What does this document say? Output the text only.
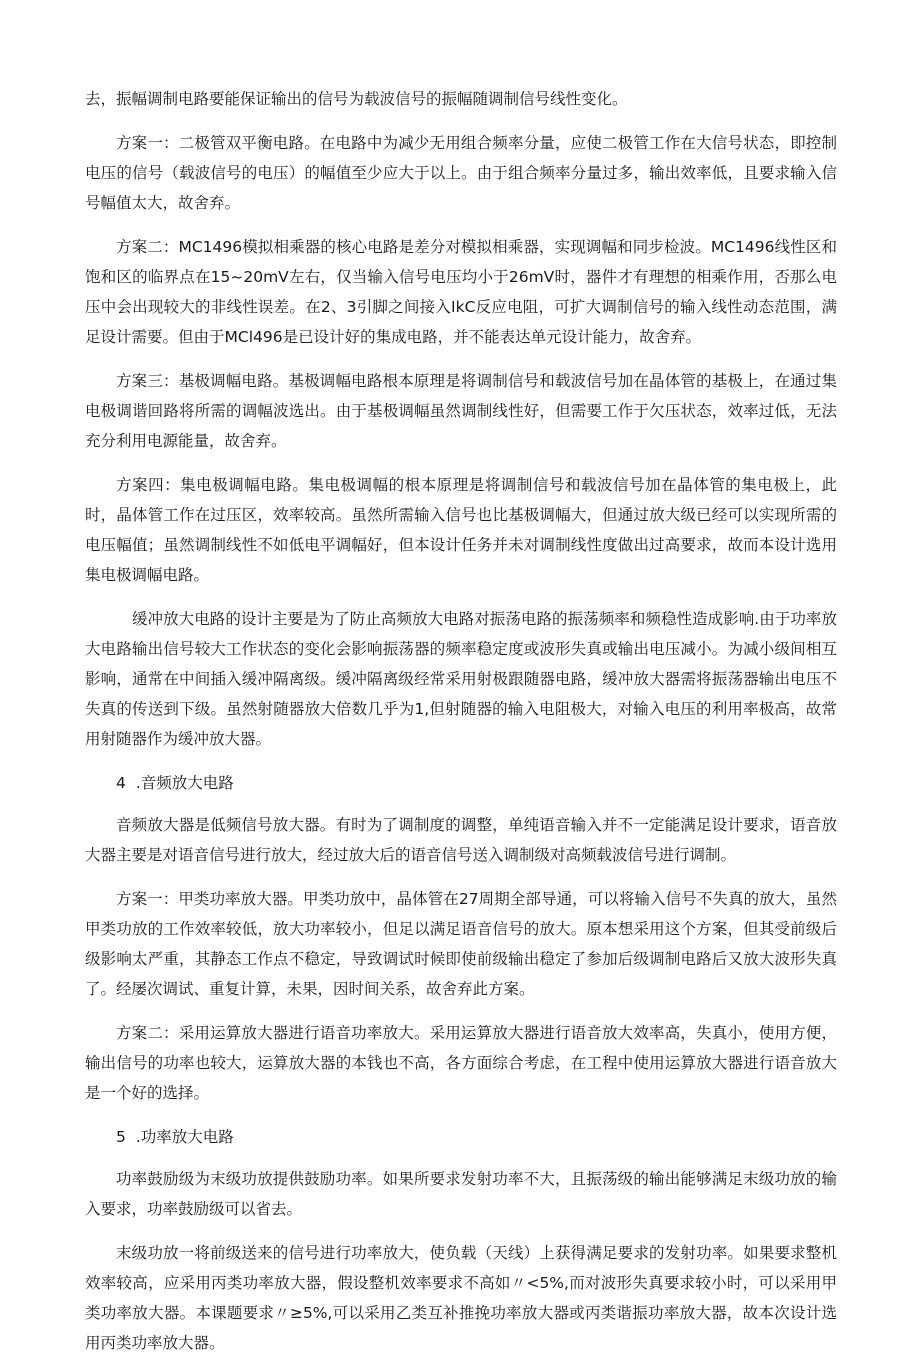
去，振幅调制电路要能保证输出的信号为载波信号的振幅随调制信号线性变化。

方案一：二极管双平衡电路。在电路中为减少无用组合频率分量，应使二极管工作在大信号状态，即控制电压的信号（载波信号的电压）的幅值至少应大于以上。由于组合频率分量过多，输出效率低，且要求输入信号幅值太大，故舍弃。

方案二：MC1496模拟相乘器的核心电路是差分对模拟相乘器，实现调幅和同步检波。MC1496线性区和饱和区的临界点在15~20mV左右，仅当输入信号电压均小于26mV时，器件才有理想的相乘作用，否那么电压中会出现较大的非线性误差。在2、3引脚之间接入IkC反应电阻，可扩大调制信号的输入线性动态范围，满足设计需要。但由于MCl496是已设计好的集成电路，并不能表达单元设计能力，故舍弃。

方案三：基极调幅电路。基极调幅电路根本原理是将调制信号和载波信号加在晶体管的基极上，在通过集电极调谐回路将所需的调幅波选出。由于基极调幅虽然调制线性好，但需要工作于欠压状态，效率过低，无法充分利用电源能量，故舍弃。

方案四：集电极调幅电路。集电极调幅的根本原理是将调制信号和载波信号加在晶体管的集电极上，此时，晶体管工作在过压区，效率较高。虽然所需输入信号也比基极调幅大，但通过放大级已经可以实现所需的电压幅值；虽然调制线性不如低电平调幅好，但本设计任务并未对调制线性度做出过高要求，故而本设计选用集电极调幅电路。

缓冲放大电路的设计主要是为了防止高频放大电路对振荡电路的振荡频率和频稳性造成影响.由于功率放大电路输出信号较大工作状态的变化会影响振荡器的频率稳定度或波形失真或输出电压减小。为减小级间相互影响，通常在中间插入缓冲隔离级。缓冲隔离级经常采用射极跟随器电路，缓冲放大器需将振荡器输出电压不失真的传送到下级。虽然射随器放大倍数几乎为1,但射随器的输入电阻极大，对输入电压的利用率极高，故常用射随器作为缓冲放大器。

4 .音频放大电路

音频放大器是低频信号放大器。有时为了调制度的调整，单纯语音输入并不一定能满足设计要求，语音放大器主要是对语音信号进行放大，经过放大后的语音信号送入调制级对高频载波信号进行调制。

方案一：甲类功率放大器。甲类功放中，晶体管在27周期全部导通，可以将输入信号不失真的放大，虽然甲类功放的工作效率较低，放大功率较小，但足以满足语音信号的放大。原本想采用这个方案，但其受前级后级影响太严重，其静态工作点不稳定，导致调试时候即使前级输出稳定了参加后级调制电路后又放大波形失真了。经屡次调试、重复计算，未果，因时间关系，故舍弃此方案。

方案二：采用运算放大器进行语音功率放大。采用运算放大器进行语音放大效率高，失真小，使用方便，输出信号的功率也较大，运算放大器的本钱也不高，各方面综合考虑，在工程中使用运算放大器进行语音放大是一个好的选择。

5 .功率放大电路

功率鼓励级为末级功放提供鼓励功率。如果所要求发射功率不大，且振荡级的输出能够满足末级功放的输入要求，功率鼓励级可以省去。

末级功放一将前级送来的信号进行功率放大，使负载（天线）上获得满足要求的发射功率。如果要求整机效率较高，应采用丙类功率放大器，假设整机效率要求不高如〃<5%,而对波形失真要求较小时，可以采用甲类功率放大器。本课题要求〃≥5%,可以采用乙类互补推挽功率放大器或丙类谐振功率放大器，故本次设计选用丙类功率放大器。
